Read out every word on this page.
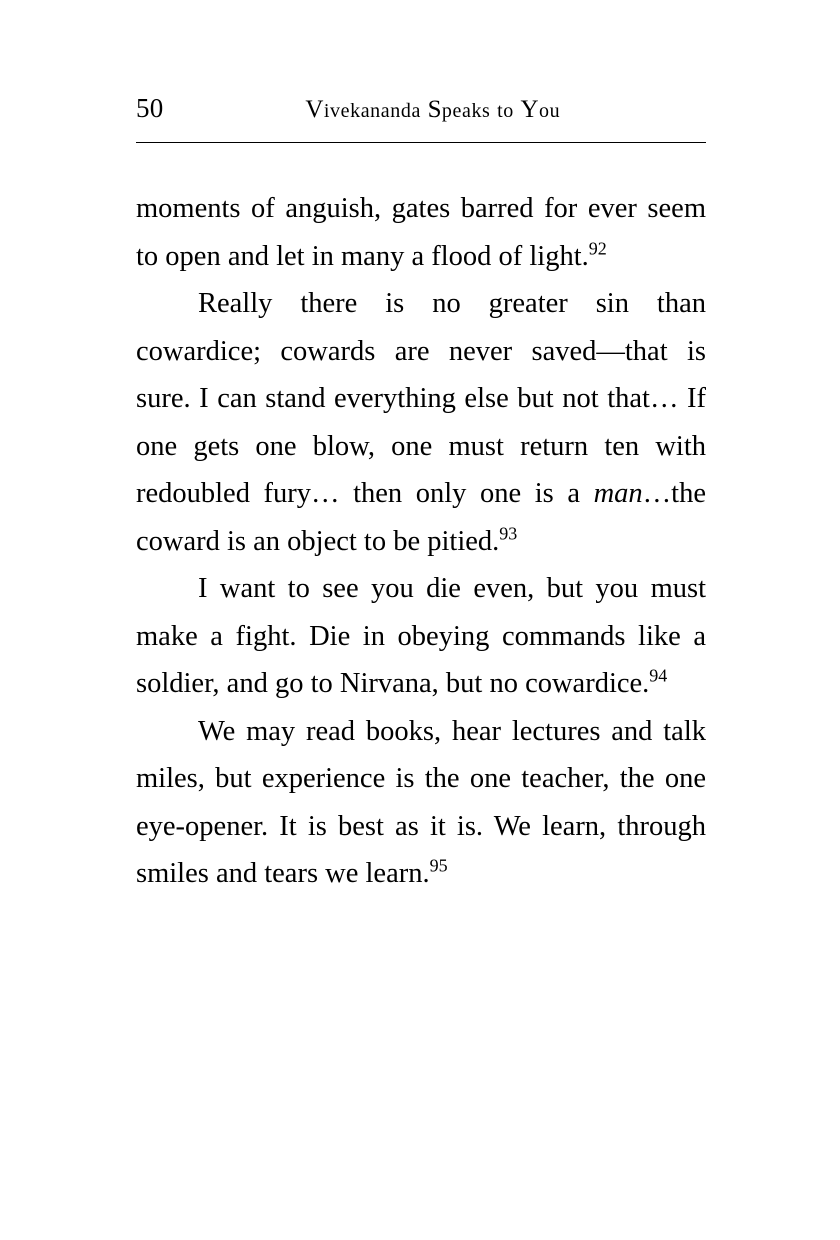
50	Vivekananda Speaks to You

moments of anguish, gates barred for ever seem to open and let in many a flood of light.$^{92}$

Really there is no greater sin than cowardice; cowards are never saved—that is sure. I can stand everything else but not that… If one gets one blow, one must return ten with redoubled fury… then only one is a man…the coward is an object to be pitied.$^{93}$

I want to see you die even, but you must make a fight. Die in obeying commands like a soldier, and go to Nirvana, but no cowardice.$^{94}$

We may read books, hear lectures and talk miles, but experience is the one teacher, the one eye-opener. It is best as it is. We learn, through smiles and tears we learn.$^{95}$
